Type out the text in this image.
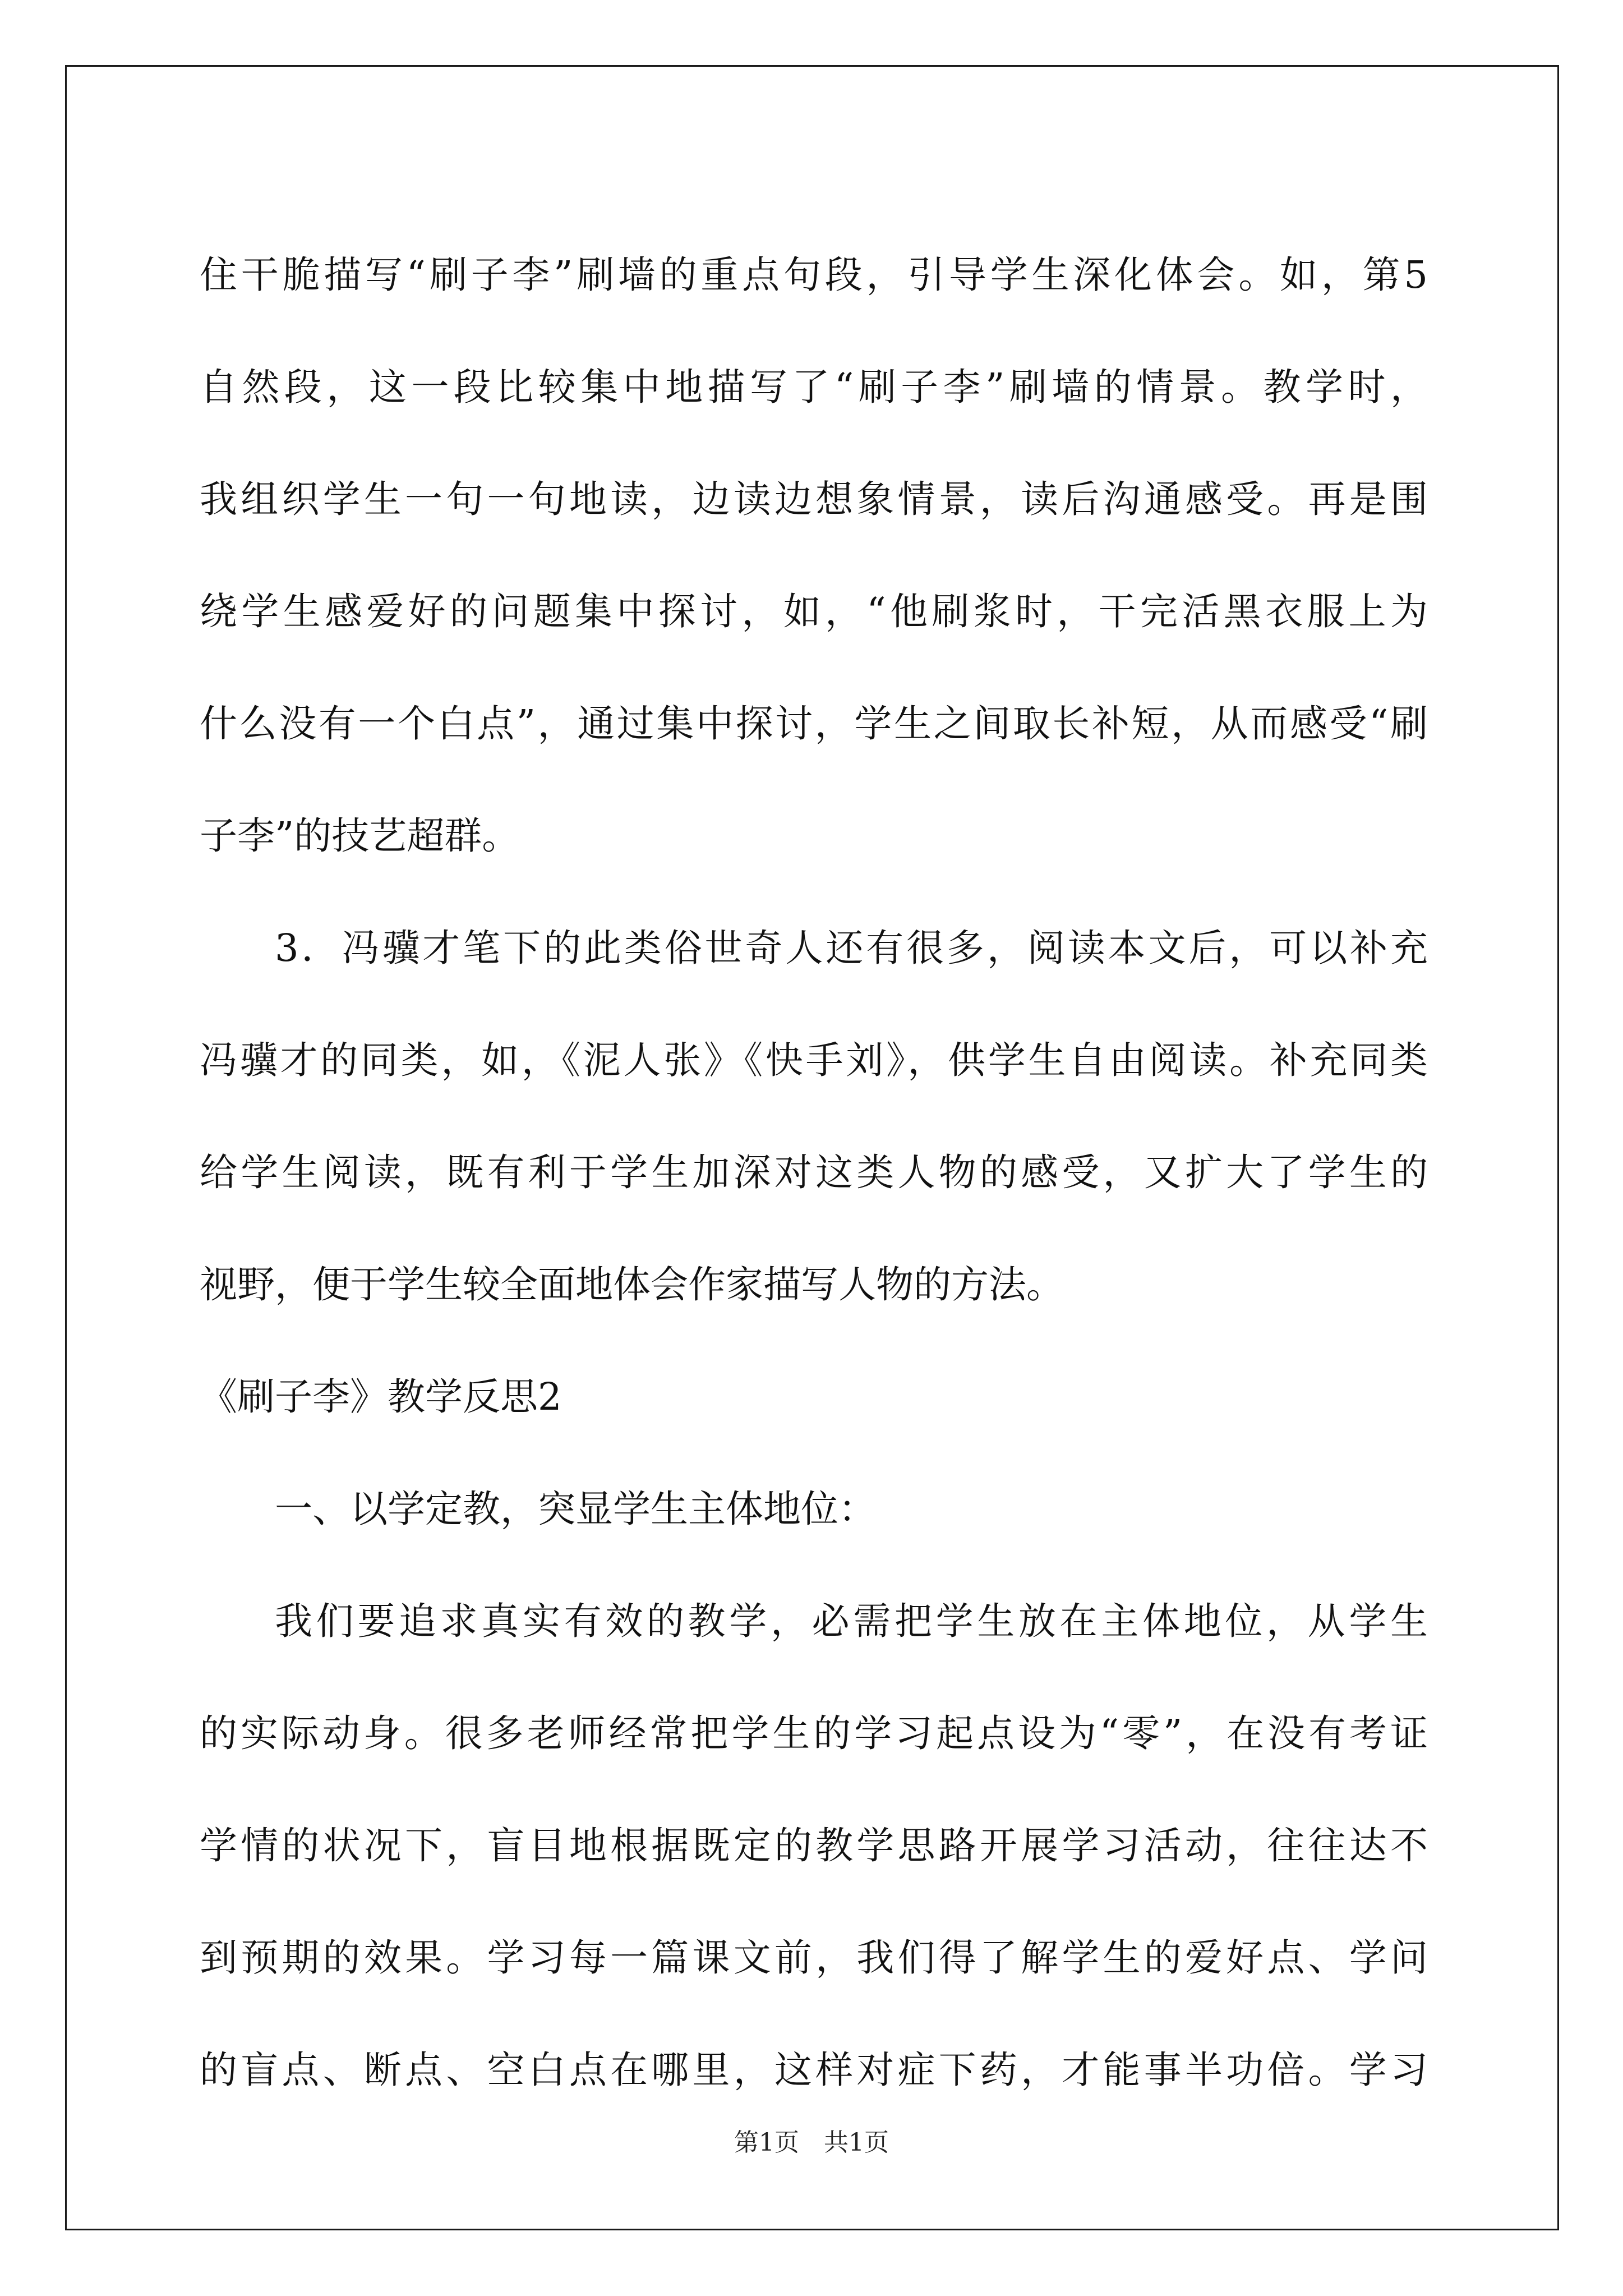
住干脆描写“刷子李”刷墙的重点句段，引导学生深化体会。如，第5
自然段，这一段比较集中地描写了“刷子李”刷墙的情景。教学时，
我组织学生一句一句地读，边读边想象情景，读后沟通感受。再是围
绕学生感爱好的问题集中探讨，如，“他刷浆时，干完活黑衣服上为
什么没有一个白点”，通过集中探讨，学生之间取长补短，从而感受“刷
子李”的技艺超群。
3．冯骥才笔下的此类俗世奇人还有很多，阅读本文后，可以补充
冯骥才的同类，如，《泥人张》《快手刘》，供学生自由阅读。补充同类
给学生阅读，既有利于学生加深对这类人物的感受，又扩大了学生的
视野，便于学生较全面地体会作家描写人物的方法。
《刷子李》教学反思2
一、以学定教，突显学生主体地位：
我们要追求真实有效的教学，必需把学生放在主体地位，从学生
的实际动身。很多老师经常把学生的学习起点设为“零”，在没有考证
学情的状况下，盲目地根据既定的教学思路开展学习活动，往往达不
到预期的效果。学习每一篇课文前，我们得了解学生的爱好点、学问
的盲点、断点、空白点在哪里，这样对症下药，才能事半功倍。学习
第1页　共1页
